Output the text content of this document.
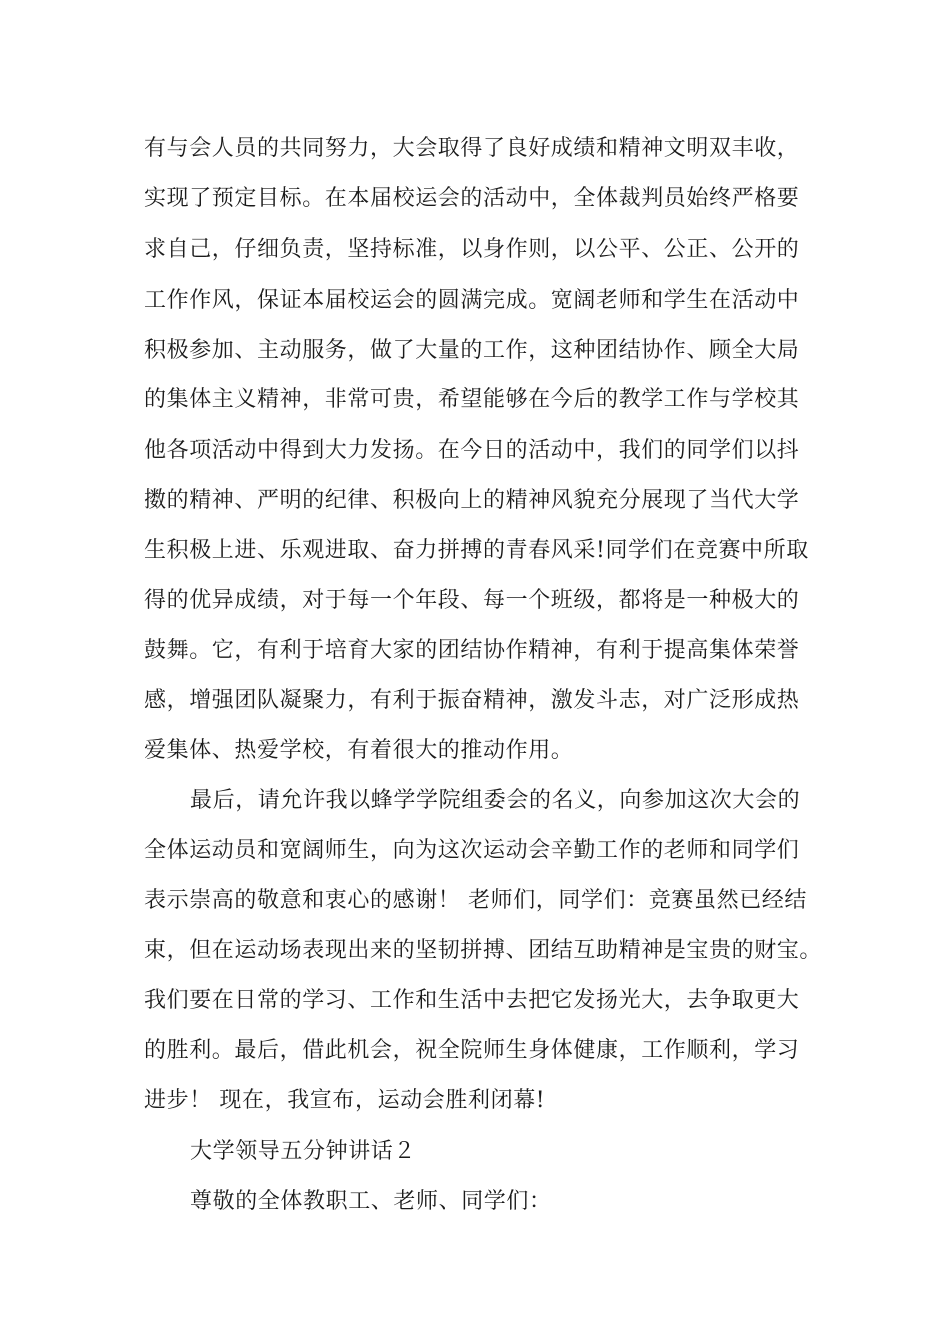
有与会人员的共同努力，大会取得了良好成绩和精神文明双丰收，
实现了预定目标。在本届校运会的活动中，全体裁判员始终严格要
求自己，仔细负责，坚持标准，以身作则，以公平、公正、公开的
工作作风，保证本届校运会的圆满完成。宽阔老师和学生在活动中
积极参加、主动服务，做了大量的工作，这种团结协作、顾全大局
的集体主义精神，非常可贵，希望能够在今后的教学工作与学校其
他各项活动中得到大力发扬。在今日的活动中，我们的同学们以抖
擞的精神、严明的纪律、积极向上的精神风貌充分展现了当代大学
生积极上进、乐观进取、奋力拼搏的青春风采!同学们在竞赛中所取
得的优异成绩，对于每一个年段、每一个班级，都将是一种极大的
鼓舞。它，有利于培育大家的团结协作精神，有利于提高集体荣誉
感，增强团队凝聚力，有利于振奋精神，激发斗志，对广泛形成热
爱集体、热爱学校，有着很大的推动作用。
最后，请允许我以蜂学学院组委会的名义，向参加这次大会的
全体运动员和宽阔师生，向为这次运动会辛勤工作的老师和同学们
表示崇高的敬意和衷心的感谢！ 老师们，同学们：竞赛虽然已经结
束，但在运动场表现出来的坚韧拼搏、团结互助精神是宝贵的财宝。
我们要在日常的学习、工作和生活中去把它发扬光大，去争取更大
的胜利。最后，借此机会，祝全院师生身体健康，工作顺利，学习
进步！ 现在，我宣布，运动会胜利闭幕!
大学领导五分钟讲话２
尊敬的全体教职工、老师、同学们：
